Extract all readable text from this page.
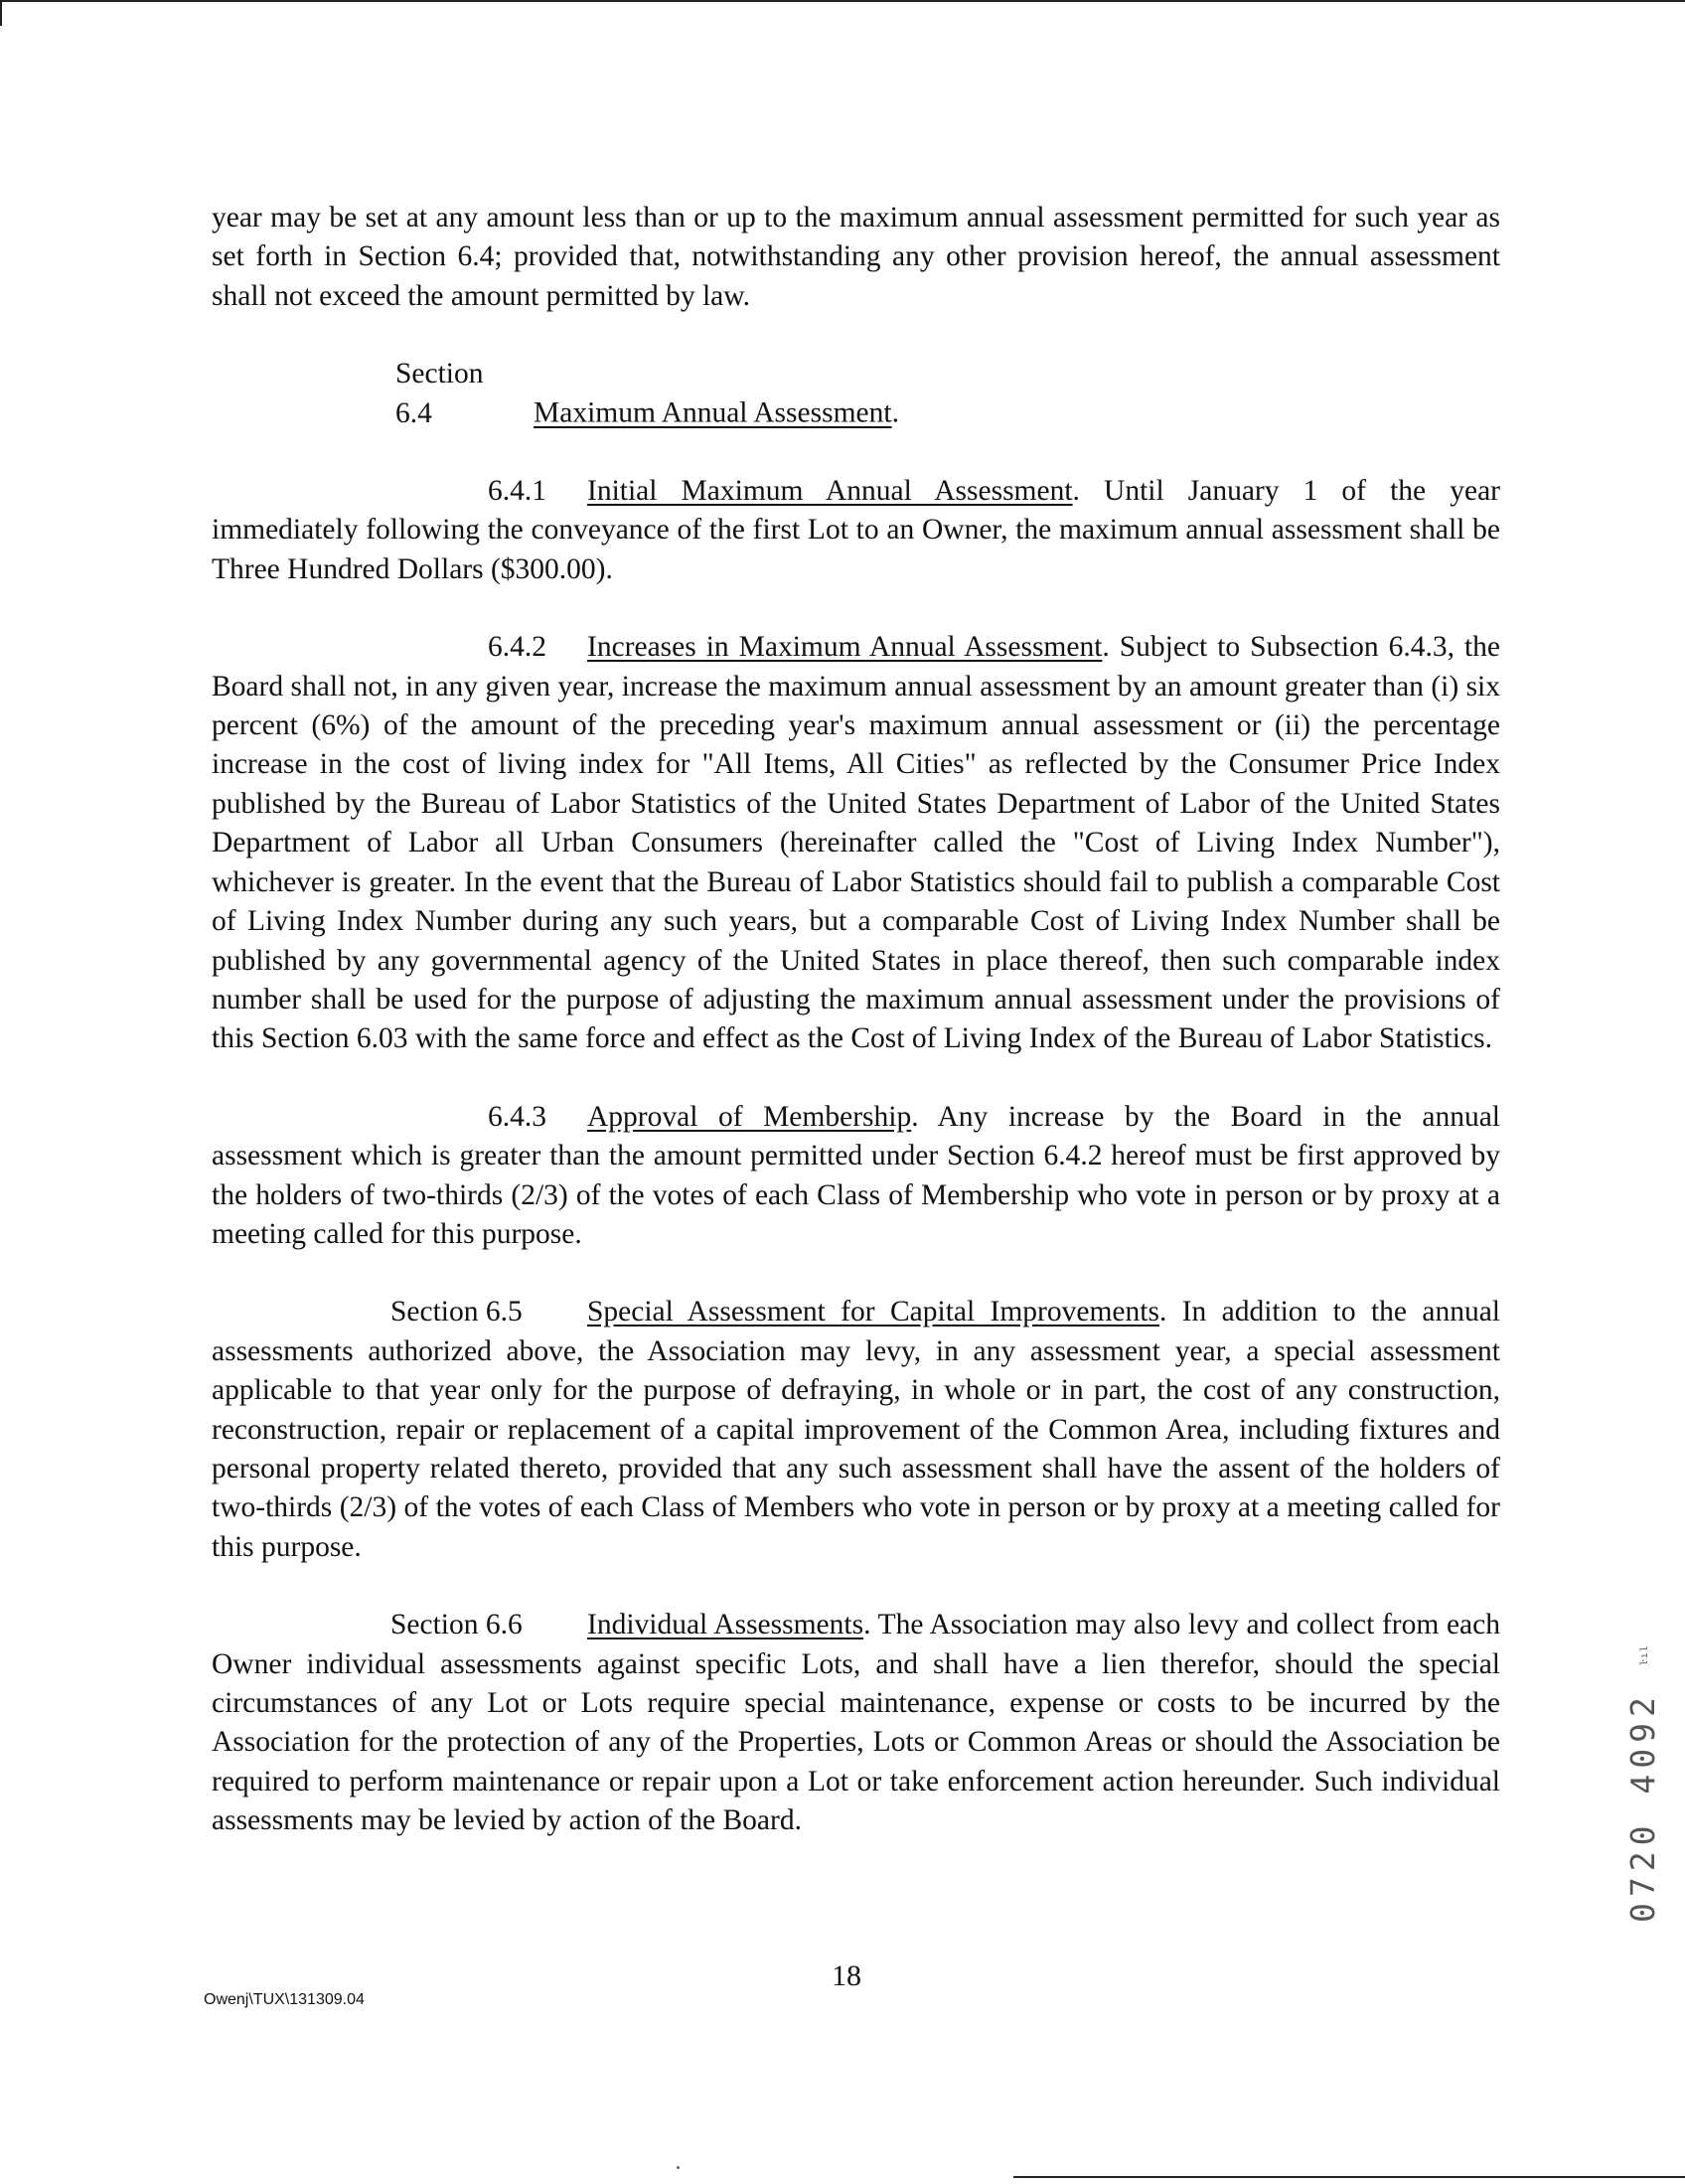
year may be set at any amount less than or up to the maximum annual assessment permitted for such year as set forth in Section 6.4; provided that, notwithstanding any other provision hereof, the annual assessment shall not exceed the amount permitted by law.

Section 6.4	Maximum Annual Assessment.

6.4.1 Initial Maximum Annual Assessment. Until January 1 of the year immediately following the conveyance of the first Lot to an Owner, the maximum annual assessment shall be Three Hundred Dollars ($300.00).

6.4.2 Increases in Maximum Annual Assessment. Subject to Subsection 6.4.3, the Board shall not, in any given year, increase the maximum annual assessment by an amount greater than (i) six percent (6%) of the amount of the preceding year's maximum annual assessment or (ii) the percentage increase in the cost of living index for "All Items, All Cities" as reflected by the Consumer Price Index published by the Bureau of Labor Statistics of the United States Department of Labor of the United States Department of Labor all Urban Consumers (hereinafter called the "Cost of Living Index Number"), whichever is greater. In the event that the Bureau of Labor Statistics should fail to publish a comparable Cost of Living Index Number during any such years, but a comparable Cost of Living Index Number shall be published by any governmental agency of the United States in place thereof, then such comparable index number shall be used for the purpose of adjusting the maximum annual assessment under the provisions of this Section 6.03 with the same force and effect as the Cost of Living Index of the Bureau of Labor Statistics.

6.4.3 Approval of Membership. Any increase by the Board in the annual assessment which is greater than the amount permitted under Section 6.4.2 hereof must be first approved by the holders of two-thirds (2/3) of the votes of each Class of Membership who vote in person or by proxy at a meeting called for this purpose.

Section 6.5 Special Assessment for Capital Improvements. In addition to the annual assessments authorized above, the Association may levy, in any assessment year, a special assessment applicable to that year only for the purpose of defraying, in whole or in part, the cost of any construction, reconstruction, repair or replacement of a capital improvement of the Common Area, including fixtures and personal property related thereto, provided that any such assessment shall have the assent of the holders of two-thirds (2/3) of the votes of each Class of Members who vote in person or by proxy at a meeting called for this purpose.

Section 6.6 Individual Assessments. The Association may also levy and collect from each Owner individual assessments against specific Lots, and shall have a lien therefor, should the special circumstances of any Lot or Lots require special maintenance, expense or costs to be incurred by the Association for the protection of any of the Properties, Lots or Common Areas or should the Association be required to perform maintenance or repair upon a Lot or take enforcement action hereunder. Such individual assessments may be levied by action of the Board.

18
Owenj\TUX\131309.04
0720 4092 ŀıl
